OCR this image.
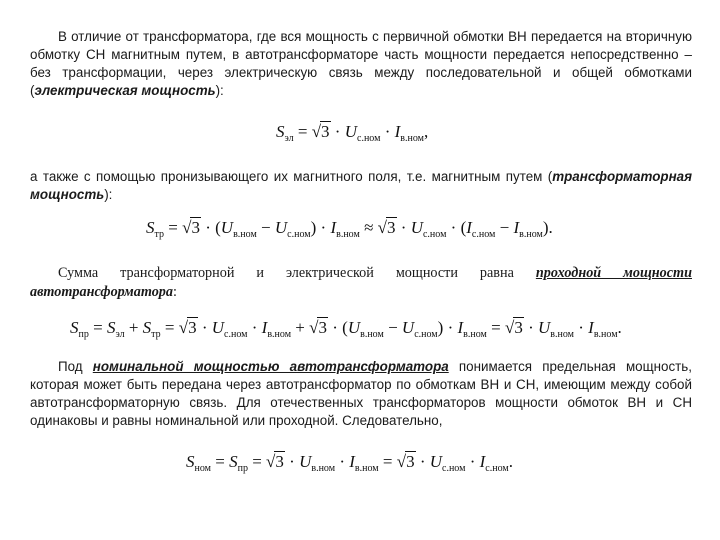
В отличие от трансформатора, где вся мощность с первичной обмотки ВН передается на вторичную обмотку СН магнитным путем, в автотрансформаторе часть мощности передается непосредственно – без трансформации, через электрическую связь между последовательной и общей обмотками (электрическая мощность):
$S_{эл} = √3 \cdot U_{с.ном} \cdot I_{в.ном}$,
а также с помощью пронизывающего их магнитного поля, т.е. магнитным путем (трансформаторная мощность):
$S_{тр} = √3 \cdot (U_{в.ном} - U_{с.ном}) \cdot I_{в.ном} \approx √3 \cdot U_{с.ном} \cdot (I_{с.ном} - I_{в.ном})$.
Сумма трансформаторной и электрической мощности равна проходной мощности автотрансформатора:
$S_{пр} = S_{эл} + S_{тр} = √3 \cdot U_{с.ном} \cdot I_{в.ном} + √3 \cdot (U_{в.ном} - U_{с.ном}) \cdot I_{в.ном} = √3 \cdot U_{в.ном} \cdot I_{в.ном}$.
Под номинальной мощностью автотрансформатора понимается предельная мощность, которая может быть передана через автотрансформатор по обмоткам ВН и СН, имеющим между собой автотрансформаторную связь. Для отечественных трансформаторов мощности обмоток ВН и СН одинаковы и равны номинальной или проходной. Следовательно,
$S_{ном} = S_{пр} = √3 \cdot U_{в.ном} \cdot I_{в.ном} = √3 \cdot U_{с.ном} \cdot I_{с.ном}$.
